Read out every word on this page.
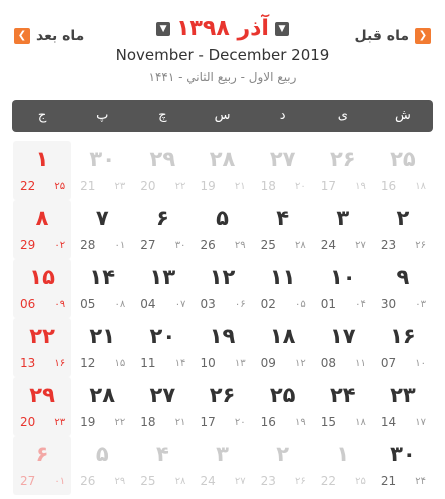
ماه قبل ❯
▼ آذر ۱۳۹۸	▼
❮ ماه بعد
November - December 2019
ربيع الاول - ربيع الثاني - ۱۴۴۱
ش
ی
د
س
چ
پ
ج
۲۵
16 ۱۸
۲۶
17 ۱۹
۲۷
18 ۲۰
۲۸
19 ۲۱
۲۹
20 ۲۲
۳۰
21 ۲۳
۱
22 ۲۵
۲
23 ۲۶
۳
24 ۲۷
۴
25 ۲۸
۵
26 ۲۹
۶
27 ۳۰
۷
28 ۰۱
۸
29 ۰۲
۹
30 ۰۳
۱۰
01 ۰۴
۱۱
02 ۰۵
۱۲
03 ۰۶
۱۳
04 ۰۷
۱۴
05 ۰۸
۱۵
06 ۰۹
۱۶
07 ۱۰
۱۷
08 ۱۱
۱۸
09 ۱۲
۱۹
10 ۱۳
۲۰
11 ۱۴
۲۱
12 ۱۵
۲۲
13 ۱۶
۲۳
14 ۱۷
۲۴
15 ۱۸
۲۵
16 ۱۹
۲۶
17 ۲۰
۲۷
18 ۲۱
۲۸
19 ۲۲
۲۹
20 ۲۳
۳۰
21 ۲۴
۱
22 ۲۵
۲
23 ۲۶
۳
24 ۲۷
۴
25 ۲۸
۵
26 ۲۹
۶
27 ۰۱
